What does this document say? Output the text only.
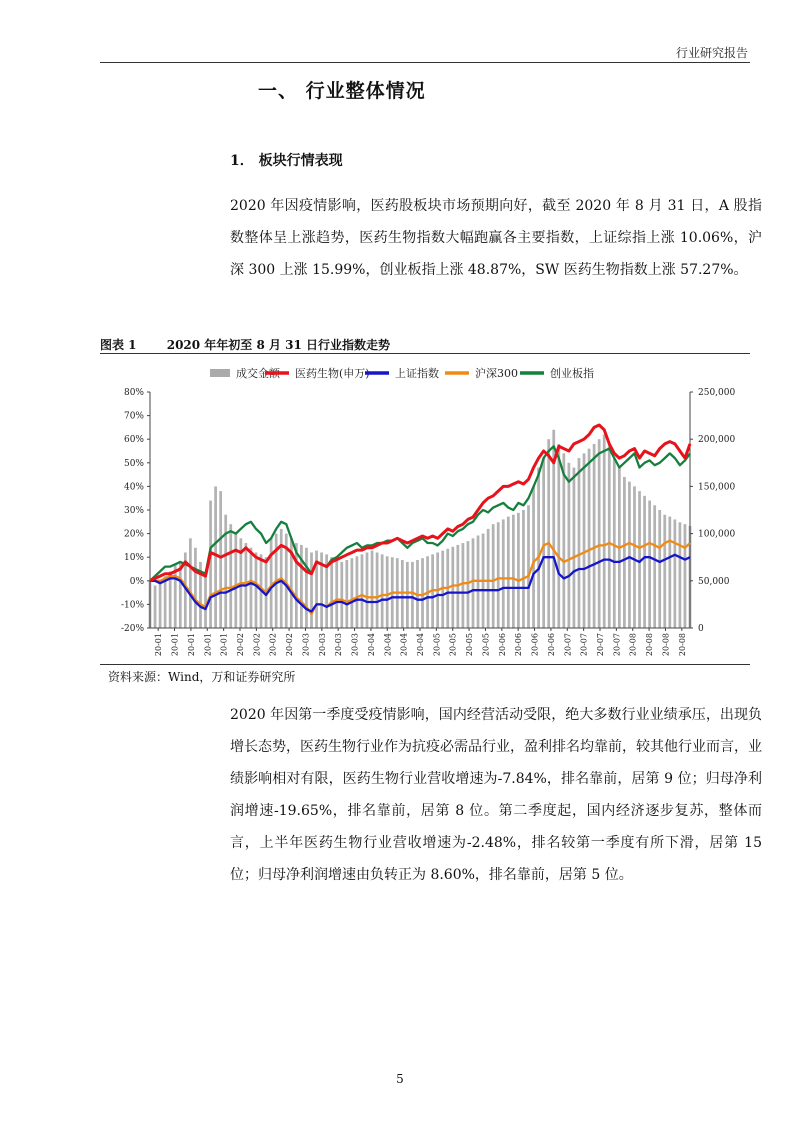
行业研究报告
一、 行业整体情况
1． 板块行情表现

2020 年因疫情影响，医药股板块市场预期向好，截至 2020 年 8 月 31 日，A 股指数整体呈上涨趋势，医药生物指数大幅跑赢各主要指数，上证综指上涨 10.06%，沪深 300 上涨 15.99%，创业板指上涨 48.87%，SW 医药生物指数上涨 57.27%。

图表 1	2020 年年初至 8 月 31 日行业指数走势
成交金额 医药生物(申万) 上证指数	沪深300	创业板指
80%
70%
60%
50%
40%
30%
20%
10%
0%
-10%
-20%
250,000
200,000
150,000
100,000
50,000
0
20-01 20-01 20-01 20-01 20-01 20-02 20-02 20-02 20-02 20-03 20-03 20-03 20-03 20-04 20-04 20-04 20-04 20-05 20-05 20-05 20-05 20-06 20-06 20-06 20-06 20-07 20-07 20-07 20-07 20-08 20-08 20-08 20-08
资料来源：Wind，万和证券研究所

2020 年因第一季度受疫情影响，国内经营活动受限，绝大多数行业业绩承压，出现负增长态势，医药生物行业作为抗疫必需品行业，盈利排名均靠前，较其他行业而言，业绩影响相对有限，医药生物行业营收增速为-7.84%，排名靠前，居第 9 位；归母净利润增速-19.65%，排名靠前，居第 8 位。第二季度起，国内经济逐步复苏，整体而言，上半年医药生物行业营收增速为-2.48%，排名较第一季度有所下滑，居第 15 位；归母净利润增速由负转正为 8.60%，排名靠前，居第 5 位。

5
